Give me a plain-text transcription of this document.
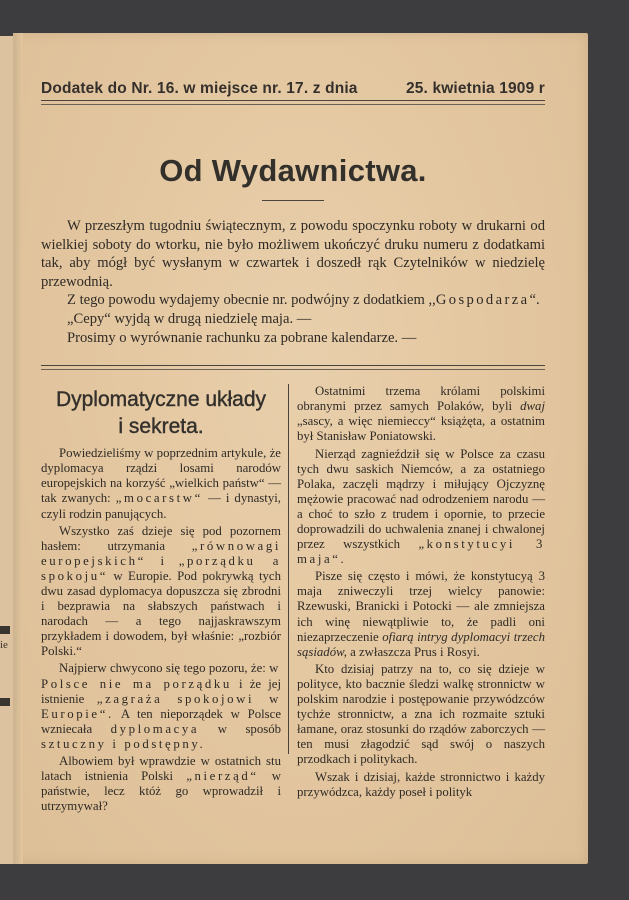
ie
Dodatek do Nr. 16. w miejsce nr. 17. z dnia	25. kwietnia 1909 r
Od Wydawnictwa.

W przeszłym tugodniu świątecznym, z powodu spoczynku roboty w drukarni od wielkiej soboty do wtorku, nie było możliwem ukończyć druku numeru z dodatkami tak, aby mógł być wysłanym w czwartek i doszedł rąk Czytelników w niedzielę przewodnią.

Z tego powodu wydajemy obecnie nr. podwójny z dodatkiem ,,Gospodarza“.

„Cepy“ wyjdą w drugą niedzielę maja. —

Prosimy o wyrównanie rachunku za pobrane kalendarze. —

Dyplomatyczne układy
i sekreta.

Powiedzieliśmy w poprzednim artykule, że dyplomacya rządzi losami narodów europejskich na korzyść „wielkich państw“ — tak zwanych: „mocarstw“ — i dynastyi, czyli rodzin panujących.

Wszystko zaś dzieje się pod pozornem hasłem: utrzymania „równowagi europejskich“ i „porządku a spokoju“ w Europie. Pod pokrywką tych dwu zasad dyplomacya dopuszcza się zbrodni i bezprawia na słabszych państwach i narodach — a tego najjaskrawszym przykładem i dowodem, był właśnie: „rozbiór Polski.“

Najpierw chwycono się tego pozoru, że: w Polsce nie ma porządku i że jej istnienie „zagraża spokojowi w Europie“. A ten nieporządek w Polsce wzniecała dyplomacya w sposób sztuczny i podstępny.

Albowiem był wprawdzie w ostatnich stu latach istnienia Polski „nierząd“ w państwie, lecz któż go wprowadził i utrzymywał?

Ostatnimi trzema królami polskimi obranymi przez samych Polaków, byli dwaj „sascy, a więc niemieccy“ książęta, a ostatnim był Stanisław Poniatowski.

Nierząd zagnieździł się w Polsce za czasu tych dwu saskich Niemców, a za ostatniego Polaka, zaczęli mądrzy i miłujący Ojczyznę mężowie pracować nad odrodzeniem narodu — a choć to szło z trudem i opornie, to przecie doprowadzili do uchwalenia znanej i chwalonej przez wszystkich „konstytucyi 3 maja“.

Pisze się często i mówi, że konstytucyą 3 maja zniweczyli trzej wielcy panowie: Rzewuski, Branicki i Potocki — ale zmniejsza ich winę niewątpliwie to, że padli oni niezaprzeczenie ofiarą intryg dyplomacyi trzech sąsiadów, a zwłaszcza Prus i Rosyi.

Kto dzisiaj patrzy na to, co się dzieje w polityce, kto bacznie śledzi walkę stronnictw w polskim narodzie i postępowanie przywódzców tychże stronnictw, a zna ich rozmaite sztuki łamane, oraz stosunki do rządów zaborczych — ten musi złagodzić sąd swój o naszych przodkach i politykach.

Wszak i dzisiaj, każde stronnictwo i każdy przywódzca, każdy poseł i polityk
